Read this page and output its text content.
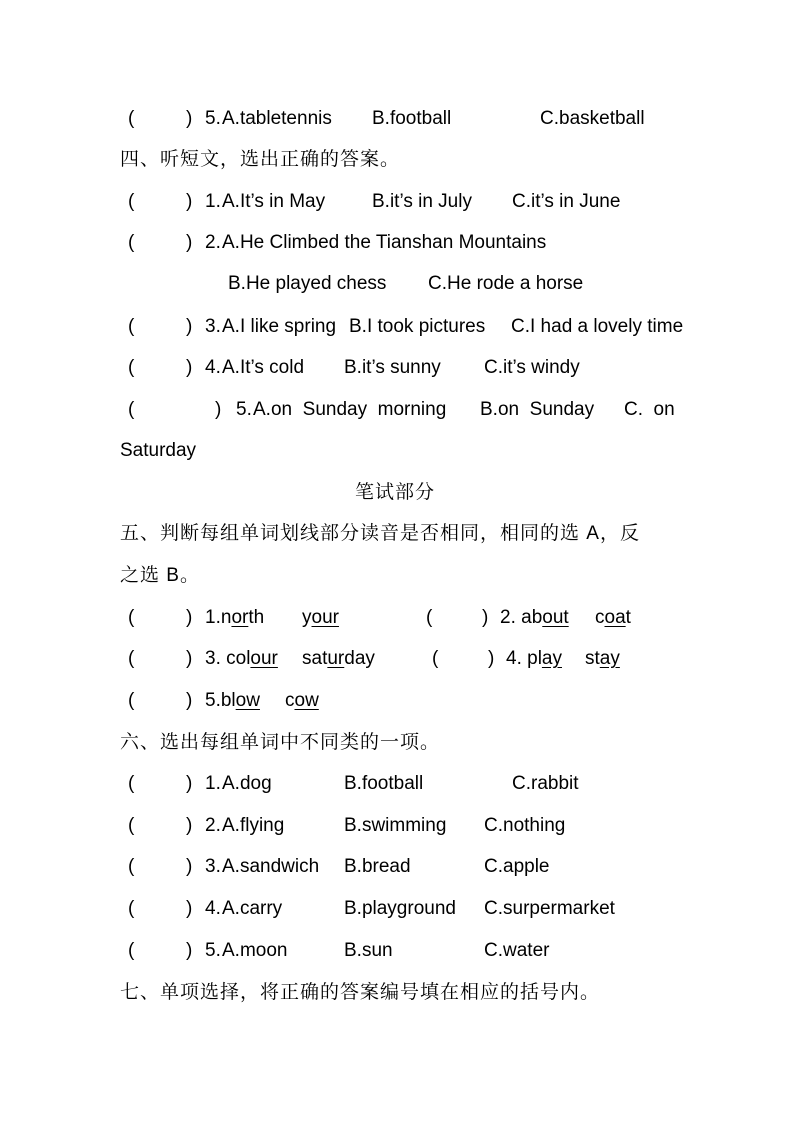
(	) 5. A.tabletennis B.football	C.basketball
四、听短文，选出正确的答案。
(	) 1. A.It’s in May B.it’s in July C.it’s in June
(	) 2. A.He Climbed the Tianshan Mountains
B.He played chess C.He rode a horse
(	) 3. A.I like spring B.I took pictures C.I had a lovely time
(	) 4. A.It’s cold B.it’s sunny C.it’s windy
(	) 5. A.on  Sunday  morning B.on  Sunday C.  on
Saturday
笔试部分
五、判断每组单词划线部分读音是否相同，相同的选 A，反
之选 B。
(	) 1.north your	(	) 2. about coat
(	) 3. colour saturday	(	) 4. play stay
(	) 5.blow cow
六、选出每组单词中不同类的一项。
(	) 1. A.dog	B.football	C.rabbit
(	) 2. A.flying	B.swimming C.nothing
(	) 3. A.sandwich B.bread	C.apple
(	) 4. A.carry	B.playground C.surpermarket
(	) 5. A.moon	B.sun	C.water
七、单项选择，将正确的答案编号填在相应的括号内。
